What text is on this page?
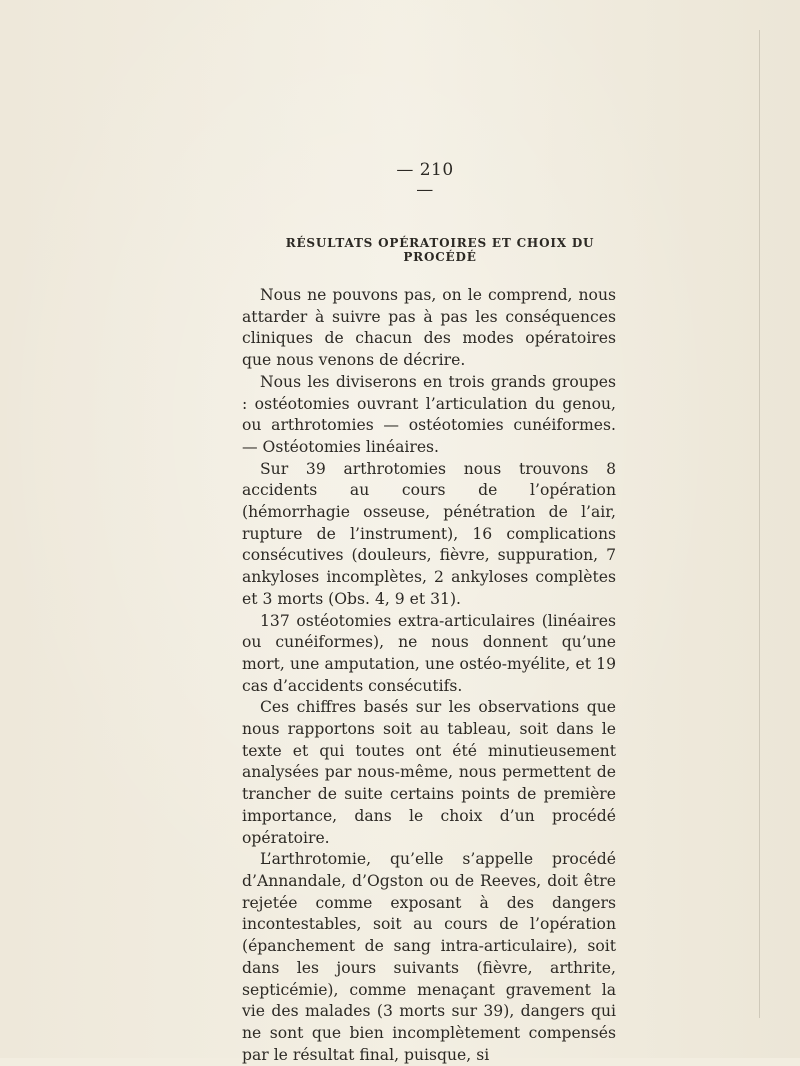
— 210 —
RÉSULTATS OPÉRATOIRES ET CHOIX DU PROCÉDÉ

Nous ne pouvons pas, on le comprend, nous attarder à suivre pas à pas les conséquences cliniques de chacun des modes opératoires que nous venons de décrire.

Nous les diviserons en trois grands groupes : ostéotomies ouvrant l’articulation du genou, ou arthrotomies — ostéotomies cunéiformes. — Ostéotomies linéaires.

Sur 39 arthrotomies nous trouvons 8 accidents au cours de l’opération (hémorrhagie osseuse, pénétration de l’air, rupture de l’instrument), 16 complications consécutives (douleurs, fièvre, suppuration, 7 ankyloses incomplètes, 2 ankyloses complètes et 3 morts (Obs. 4, 9 et 31).

137 ostéotomies extra-articulaires (linéaires ou cunéiformes), ne nous donnent qu’une mort, une amputation, une ostéo-myélite, et 19 cas d’accidents consécutifs.

Ces chiffres basés sur les observations que nous rapportons soit au tableau, soit dans le texte et qui toutes ont été minutieusement analysées par nous-même, nous permettent de trancher de suite certains points de première importance, dans le choix d’un procédé opératoire.

L’arthrotomie, qu’elle s’appelle procédé d’Annandale, d’Ogston ou de Reeves, doit être rejetée comme exposant à des dangers incontestables, soit au cours de l’opération (épanchement de sang intra-articulaire), soit dans les jours suivants (fièvre, arthrite, septicémie), comme menaçant gravement la vie des malades (3 morts sur 39), dangers qui ne sont que bien incomplètement compensés par le résultat final, puisque, si
